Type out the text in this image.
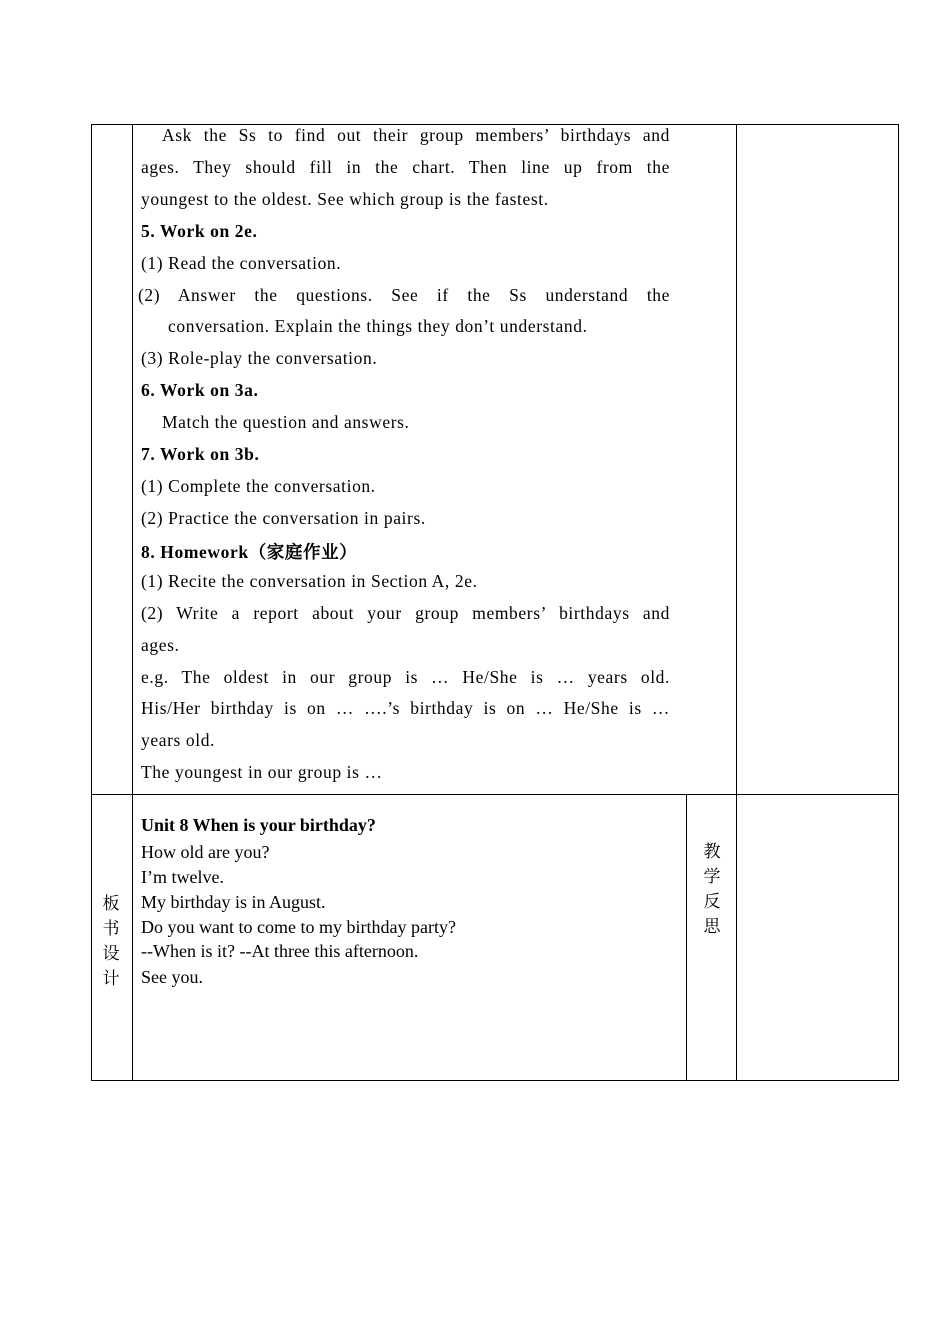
Ask the Ss to find out their group members’ birthdays and
ages. They should fill in the chart. Then line up from the
youngest to the oldest. See which group is the fastest.
5. Work on 2e.
(1) Read the conversation.
(2) Answer the questions. See if the Ss understand the
conversation. Explain the things they don’t understand.
(3) Role-play the conversation.
6. Work on 3a.
Match the question and answers.
7. Work on 3b.
(1) Complete the conversation.
(2) Practice the conversation in pairs.
8. Homework（家庭作业）
(1) Recite the conversation in Section A, 2e.
(2) Write a report about your group members’ birthdays and
ages.
e.g. The oldest in our group is … He/She is … years old.
His/Her birthday is on … ….’s birthday is on … He/She is …
years old.
The youngest in our group is …
板
书
设
计
Unit 8 When is your birthday?
How old are you?
I’m twelve.
My birthday is in August.
Do you want to come to my birthday party?
--When is it? --At three this afternoon.
See you.
教
学
反
思
